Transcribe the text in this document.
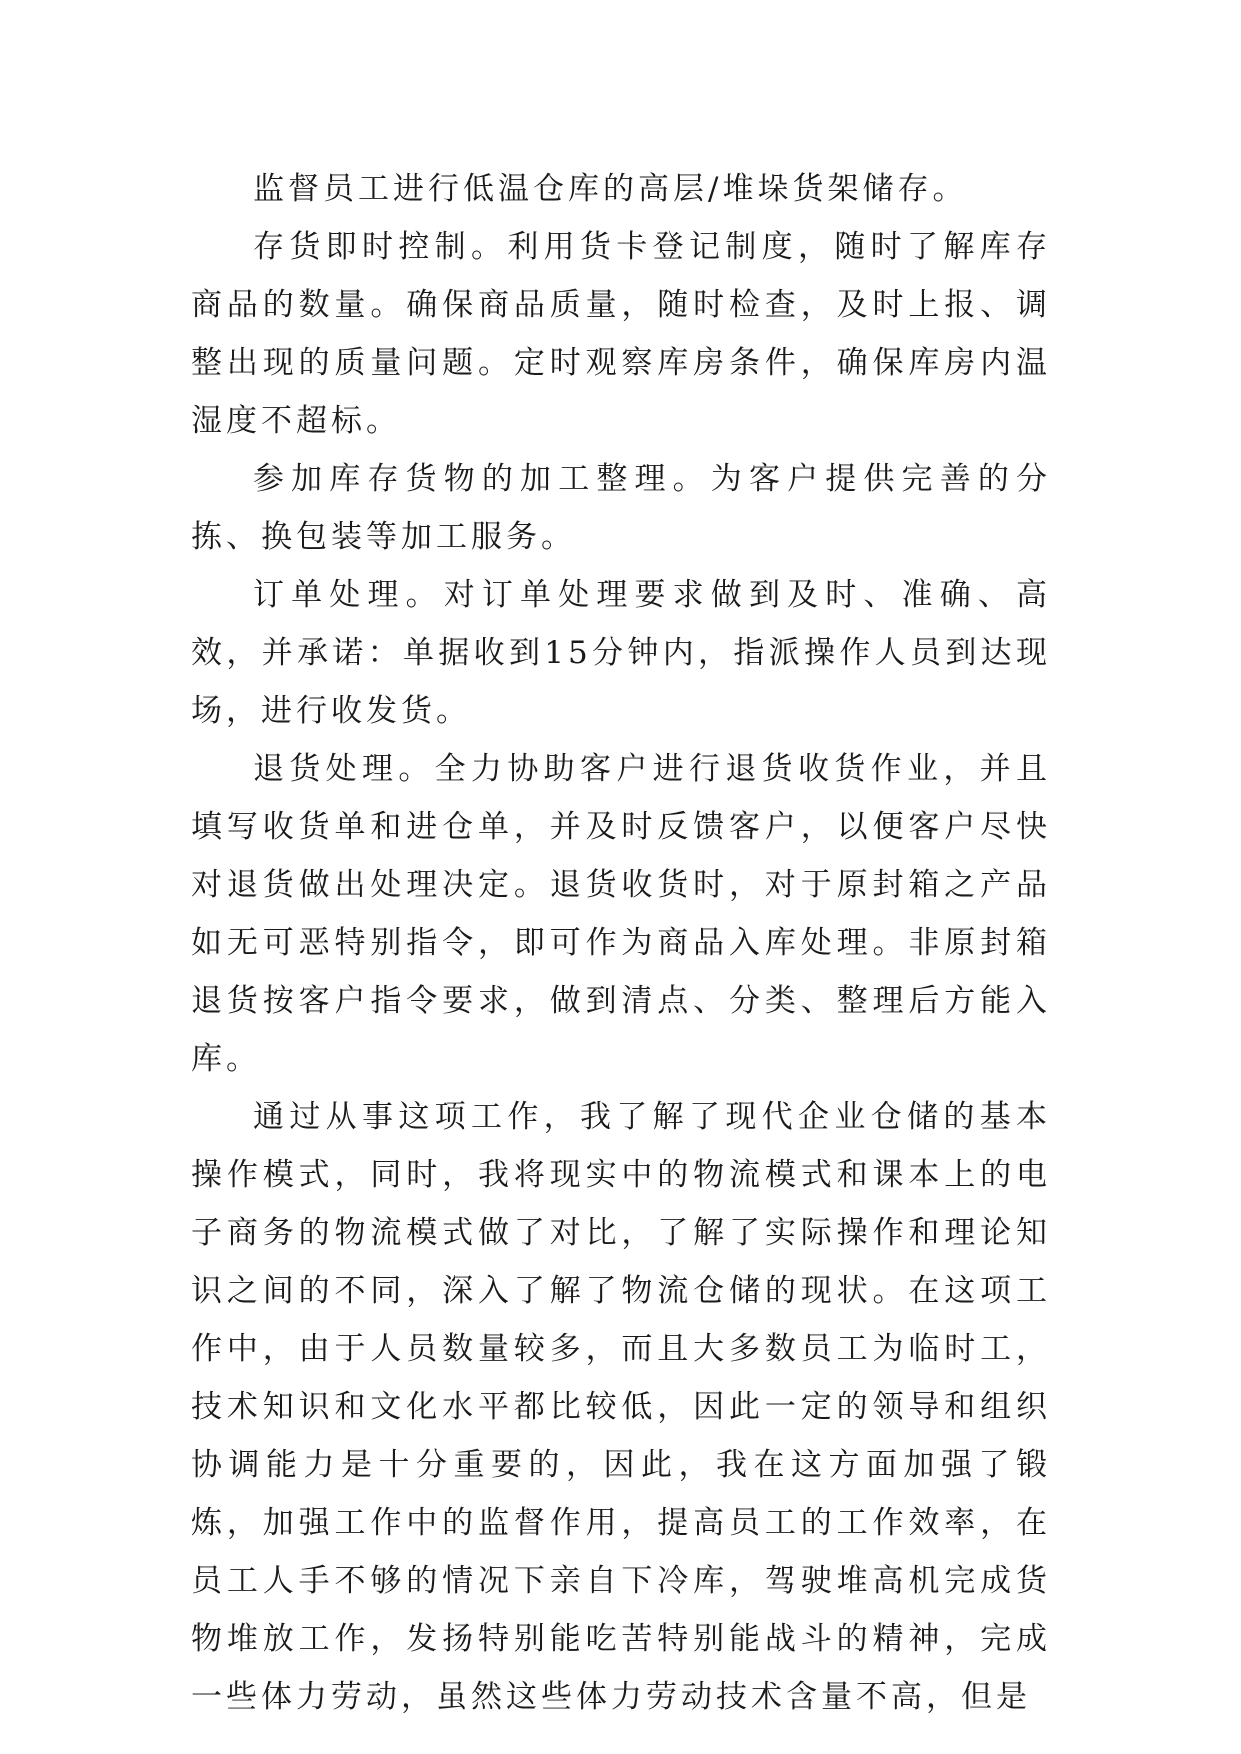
监督员工进行低温仓库的高层/堆垛货架储存。

存货即时控制。利用货卡登记制度，随时了解库存商品的数量。确保商品质量，随时检查，及时上报、调整出现的质量问题。定时观察库房条件，确保库房内温湿度不超标。

参加库存货物的加工整理。为客户提供完善的分拣、换包装等加工服务。

订单处理。对订单处理要求做到及时、准确、高效，并承诺：单据收到15分钟内，指派操作人员到达现场，进行收发货。

退货处理。全力协助客户进行退货收货作业，并且填写收货单和进仓单，并及时反馈客户，以便客户尽快对退货做出处理决定。退货收货时，对于原封箱之产品如无可恶特别指令，即可作为商品入库处理。非原封箱退货按客户指令要求，做到清点、分类、整理后方能入库。

通过从事这项工作，我了解了现代企业仓储的基本操作模式，同时，我将现实中的物流模式和课本上的电子商务的物流模式做了对比，了解了实际操作和理论知识之间的不同，深入了解了物流仓储的现状。在这项工作中，由于人员数量较多，而且大多数员工为临时工，技术知识和文化水平都比较低，因此一定的领导和组织协调能力是十分重要的，因此，我在这方面加强了锻炼，加强工作中的监督作用，提高员工的工作效率，在员工人手不够的情况下亲自下冷库，驾驶堆高机完成货物堆放工作，发扬特别能吃苦特别能战斗的精神，完成一些体力劳动，虽然这些体力劳动技术含量不高，但是
